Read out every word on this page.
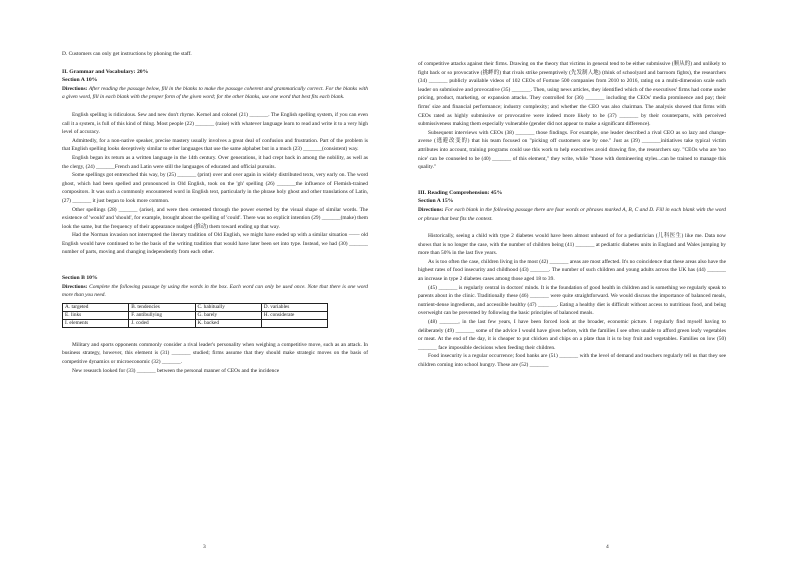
D. Customers can only get instructions by phoning the staff.

II. Grammar and Vocabulary: 20%

Section A 10%

Directions: After reading the passage below, fill in the blanks to make the passage coherent and grammatically correct. For the blanks with a given word, fill in each blank with the proper form of the given word; for the other blanks, use one word that best fits each blank.

English spelling is ridiculous. Sew and new don't rhyme. Kernel and colonel (21) _______. The English spelling system, if you can even call it a system, is full of this kind of thing. Most people (22) _______ (raise) with whatever language learn to read and write it to a very high level of accuracy.

Admittedly, for a non-native speaker, precise mastery usually involves a great deal of confusion and frustration. Part of the problem is that English spelling looks deceptively similar to other languages that use the same alphabet but in a much (23) _______(consistent) way.

English began its return as a written language in the 14th century. Over generations, it had crept back in among the nobility, as well as the clergy, (24) _______French and Latin were still the languages of educated and official pursuits.

Some spellings got entrenched this way, by (25) _______ (print) over and over again in widely distributed texts, very early on. The word ghost, which had been spelled and pronounced in Old English, took on the 'gh' spelling (26) _______the influence of Flemish-trained compositors. It was such a commonly encountered word in English text, particularly in the phrase holy ghost and other translations of Latin, (27) _______ it just began to look more common.

Other spellings (28) _______ (arise), and were then cemented through the power exerted by the visual shape of similar words. The existence of 'would' and 'should', for example, brought about the spelling of 'could'. There was no explicit intention (29) _______(make) them look the same, but the frequency of their appearance nudged (推动) them toward ending up that way.

Had the Norman invasion not interrupted the literary tradition of Old English, we might have ended up with a similar situation —— old English would have continued to be the basis of the writing tradition that would have later been set into type. Instead, we had (30) _______ number of parts, moving and changing independently from each other.

Section B 10%

Directions: Complete the following passage by using the words in the box. Each word can only be used once. Note that there is one word more than you need.

A. targeted	B. tendencies	C. habitually	D. variables
E. links	F. antibullying	G. barely	H. considerate
I. elements	J. coded	K. backed	

Military and sports opponents commonly consider a rival leader's personality when weighing a competitive move, such as an attack. In business strategy, however, this element is (31) _______ studied; firms assume that they should make strategic moves on the basis of competitive dynamics or microeconomic (32) _______.

New research looked for (33) _______ between the personal manner of CEOs and the incidence

3

of competitive attacks against their firms. Drawing on the theory that victims in general tend to be either submissive (顺从的) and unlikely to fight back or so provocative (挑衅的) that rivals strike preemptively (先发制人地) (think of schoolyard and barroom fights), the researchers (34) _______ publicly available videos of 102 CEOs of Fortune 500 companies from 2010 to 2016, rating on a multi-dimension scale each leader on submissive and provocative (35) _______. Then, using news articles, they identified which of the executives' firms had come under pricing, product, marketing, or expansion attacks. They controlled for (36) _______ including the CEOs' media prominence and pay; their firms' size and financial performance; industry complexity; and whether the CEO was also chairman. The analysis showed that firms with CEOs rated as highly submissive or provocative were indeed more likely to be (37) _______ by their counterparts, with perceived submissiveness making them especially vulnerable (gender did not appear to make a significant difference).

Subsequent interviews with CEOs (38) _______ those findings. For example, one leader described a rival CEO as so lazy and change-averse (逃避改变的) that his team focused on "picking off customers one by one." Just as (39) _______initiatives take typical victim attributes into account, training programs could use this work to help executives avoid drawing fire, the researchers say. "CEOs who are 'too nice' can be counseled to be (40) _______ of this element," they write, while "those with domineering styles...can be trained to manage this quality."

III. Reading Comprehension: 45%

Section A 15%

Directions: For each blank in the following passage there are four words or phrases marked A, B, C and D. Fill in each blank with the word or phrase that best fits the context.

Historically, seeing a child with type 2 diabetes would have been almost unheard of for a pediatrician (儿科医生) like me. Data now shows that is no longer the case, with the number of children being (41) _______ at pediatric diabetes units in England and Wales jumping by more than 50% in the last five years.

As is too often the case, children living in the most (42) _______ areas are most affected. It's no coincidence that these areas also have the highest rates of food insecurity and childhood (43) _______. The number of such children and young adults across the UK has (44) _______ an increase in type 2 diabetes cases among those aged 18 to 39.

(45) _______ is regularly central in doctors' minds. It is the foundation of good health in children and is something we regularly speak to parents about in the clinic. Traditionally these (46) _______ were quite straightforward. We would discuss the importance of balanced meals, nutrient-dense ingredients, and accessible healthy (47) _______. Eating a healthy diet is difficult without access to nutritious food, and being overweight can be prevented by following the basic principles of balanced meals.

(48) _______, in the last few years, I have been forced look at the broader, economic picture. I regularly find myself having to deliberately (49) _______ some of the advice I would have given before, with the families I see often unable to afford green leafy vegetables or meat. At the end of the day, it is cheaper to put chicken and chips on a plate than it is to buy fruit and vegetables. Families on low (50) _______ face impossible decisions when feeding their children.

Food insecurity is a regular occurrence; food banks are (51) _______ with the level of demand and teachers regularly tell us that they see children coming into school hungry. These are (52) _______

4
